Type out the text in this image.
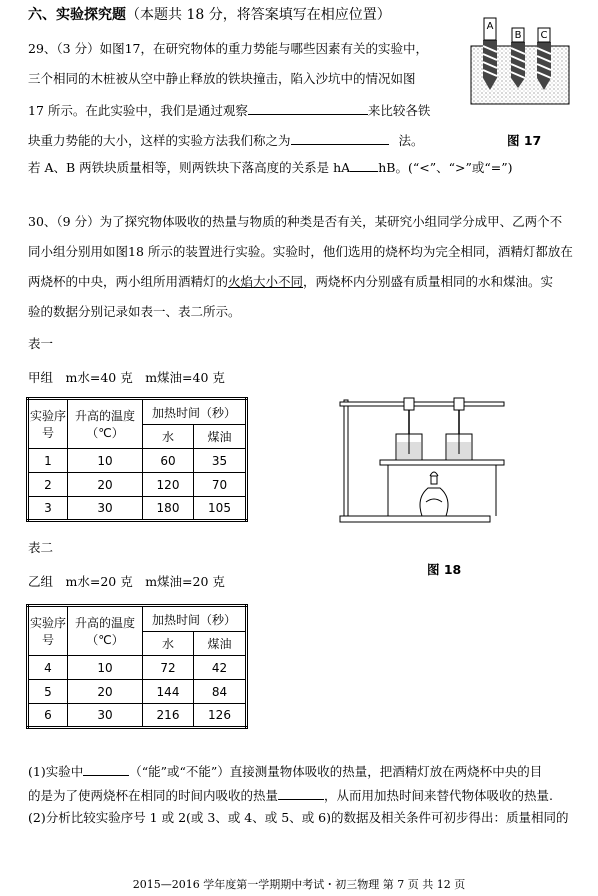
六、实验探究题（本题共 18 分，将答案填写在相应位置）
29、（3 分）如图17，在研究物体的重力势能与哪些因素有关的实验中，
三个相同的木桩被从空中静止释放的铁块撞击，陷入沙坑中的情况如图
17 所示。在此实验中，我们是通过观察	来比较各铁
块重力势能的大小，这样的实验方法我们称之为	法。	图 17
若 A、B 两铁块质量相等，则两铁块下落高度的关系是 hA hB。(“<”、“>”或“=”)
A
B C
30、（9 分）为了探究物体吸收的热量与物质的种类是否有关，某研究小组同学分成甲、乙两个不
同小组分别用如图18 所示的装置进行实验。实验时，他们选用的烧杯均为完全相同，酒精灯都放在
两烧杯的中央，两小组所用酒精灯的火焰大小不同，两烧杯内分别盛有质量相同的水和煤油。实
验的数据分别记录如表一、表二所示。
表一
甲组　m水=40 克　m煤油=40 克
实验序号	升高的温度（℃）	加热时间（秒）	
		水	煤油
1	10	60	35
2	20	120	70
3	30	180	105
图 18
表二
乙组　m水=20 克　m煤油=20 克
实验序号	升高的温度（℃）	加热时间（秒）	
		水	煤油
4	10	72	42
5	20	144	84
6	30	216	126
(1)实验中	（“能”或“不能”）直接测量物体吸收的热量，把酒精灯放在两烧杯中央的目
的是为了使两烧杯在相同的时间内吸收的热量	，从而用加热时间来替代物体吸收的热量.
(2)分析比较实验序号 1 或 2(或 3、或 4、或 5、或 6)的数据及相关条件可初步得出：质量相同的
2015—2016 学年度第一学期期中考试・初三物理 第 7 页 共 12 页
